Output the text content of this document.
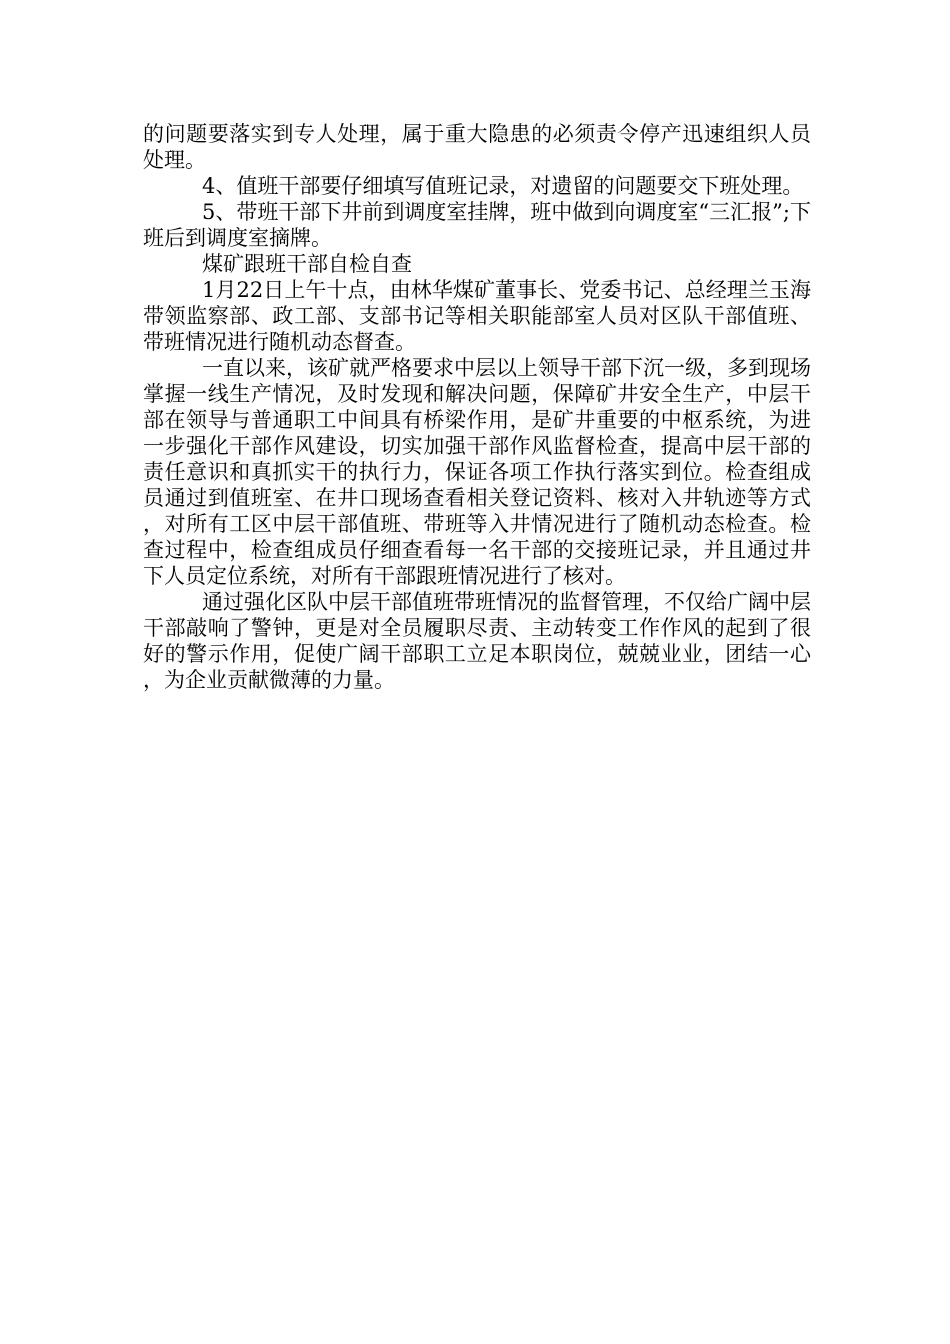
的问题要落实到专人处理，属于重大隐患的必须责令停产迅速组织人员处理。

4、值班干部要仔细填写值班记录，对遗留的问题要交下班处理。

5、带班干部下井前到调度室挂牌，班中做到向调度室“三汇报”;下班后到调度室摘牌。

煤矿跟班干部自检自查

1月22日上午十点，由林华煤矿董事长、党委书记、总经理兰玉海带领监察部、政工部、支部书记等相关职能部室人员对区队干部值班、带班情况进行随机动态督查。

一直以来，该矿就严格要求中层以上领导干部下沉一级，多到现场掌握一线生产情况，及时发现和解决问题，保障矿井安全生产，中层干部在领导与普通职工中间具有桥梁作用，是矿井重要的中枢系统，为进一步强化干部作风建设，切实加强干部作风监督检查，提高中层干部的责任意识和真抓实干的执行力，保证各项工作执行落实到位。检查组成员通过到值班室、在井口现场查看相关登记资料、核对入井轨迹等方式，对所有工区中层干部值班、带班等入井情况进行了随机动态检查。检查过程中，检查组成员仔细查看每一名干部的交接班记录，并且通过井下人员定位系统，对所有干部跟班情况进行了核对。

通过强化区队中层干部值班带班情况的监督管理，不仅给广阔中层干部敲响了警钟，更是对全员履职尽责、主动转变工作作风的起到了很好的警示作用，促使广阔干部职工立足本职岗位，兢兢业业，团结一心，为企业贡献微薄的力量。
